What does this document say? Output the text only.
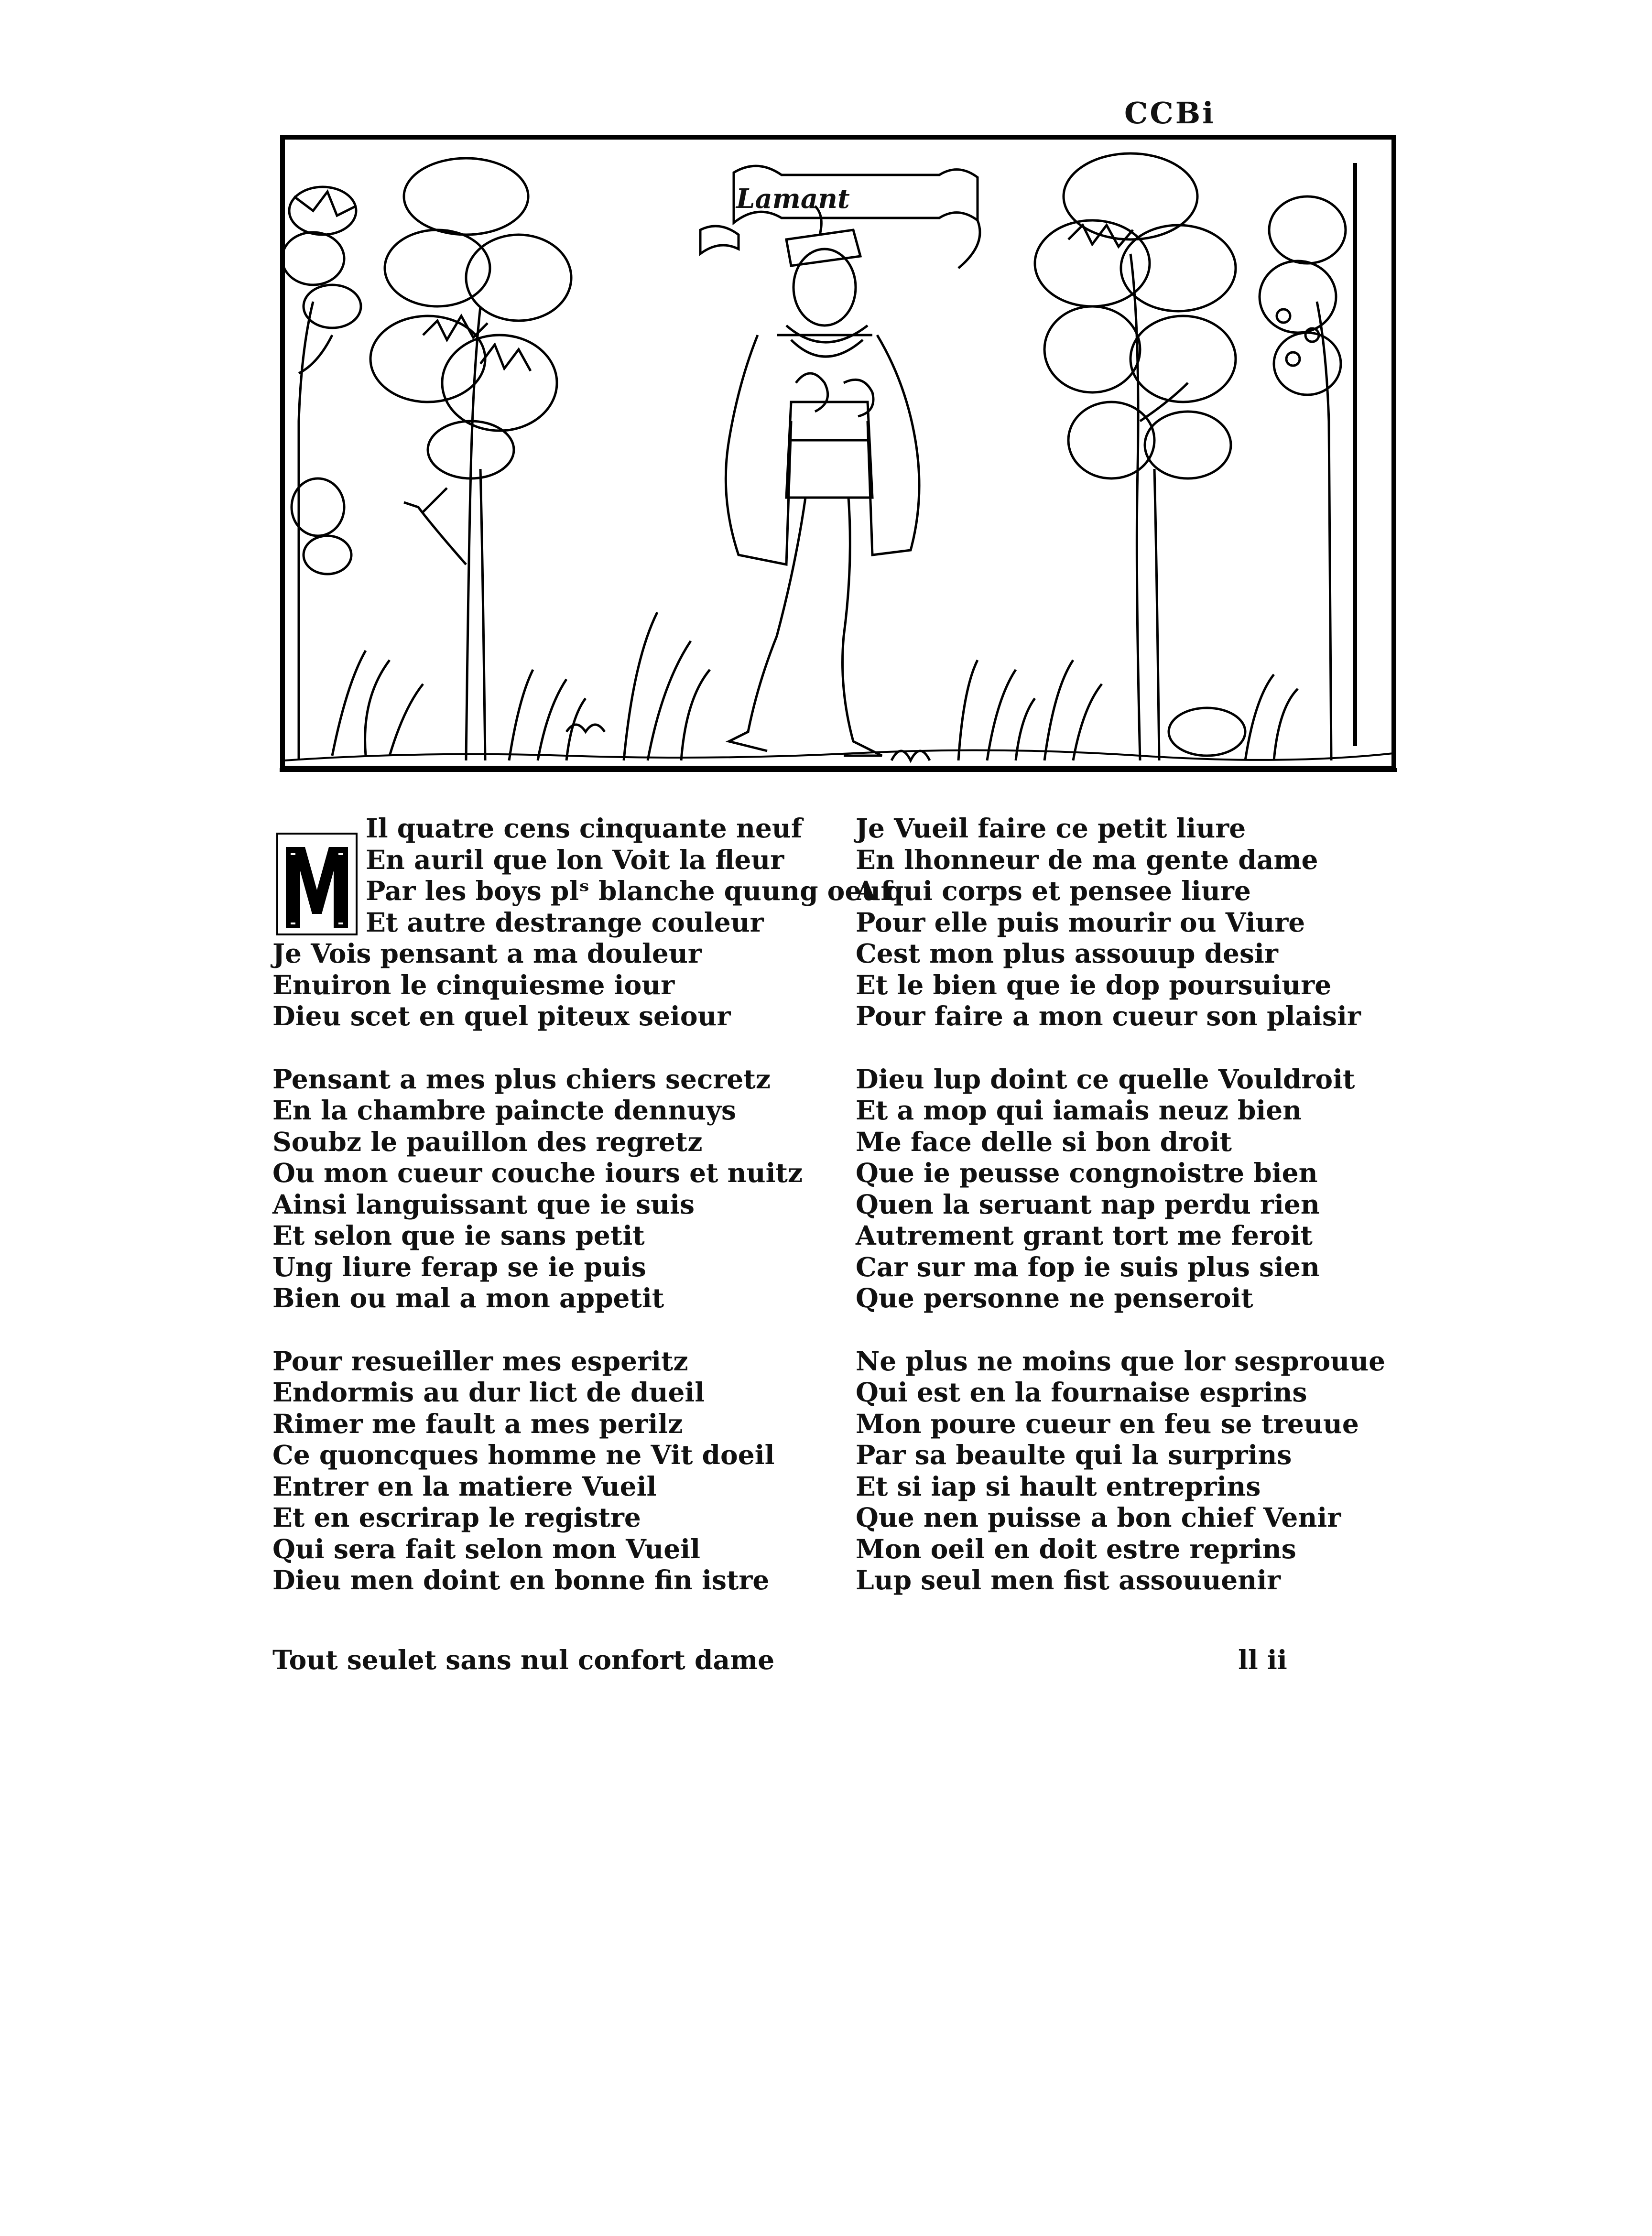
CCBi
Lamant
Il quatre cens cinquante neuf
En auril que lon Voit la fleur
Par les boys plˢ blanche quung oeuf
Et autre destrange couleur
Je Vois pensant a ma douleur
Enuiron le cinquiesme iour
Dieu scet en quel piteux seiour
Pensant a mes plus chiers secretz
En la chambre paincte dennuys
Soubz le pauillon des regretz
Ou mon cueur couche iours et nuitz
Ainsi languissant que ie suis
Et selon que ie sans petit
Ung liure ferap se ie puis
Bien ou mal a mon appetit
Pour resueiller mes esperitz
Endormis au dur lict de dueil
Rimer me fault a mes perilz
Ce quoncques homme ne Vit doeil
Entrer en la matiere Vueil
Et en escrirap le registre
Qui sera fait selon mon Vueil
Dieu men doint en bonne fin istre
Je Vueil faire ce petit liure
En lhonneur de ma gente dame
A qui corps et pensee liure
Pour elle puis mourir ou Viure
Cest mon plus assouup desir
Et le bien que ie dop poursuiure
Pour faire a mon cueur son plaisir
Dieu lup doint ce quelle Vouldroit
Et a mop qui iamais neuz bien
Me face delle si bon droit
Que ie peusse congnoistre bien
Quen la seruant nap perdu rien
Autrement grant tort me feroit
Car sur ma fop ie suis plus sien
Que personne ne penseroit
Ne plus ne moins que lor sesprouue
Qui est en la fournaise esprins
Mon poure cueur en feu se treuue
Par sa beaulte qui la surprins
Et si iap si hault entreprins
Que nen puisse a bon chief Venir
Mon oeil en doit estre reprins
Lup seul men fist assouuenir
Tout seulet sans nul confort dame	ll ii
